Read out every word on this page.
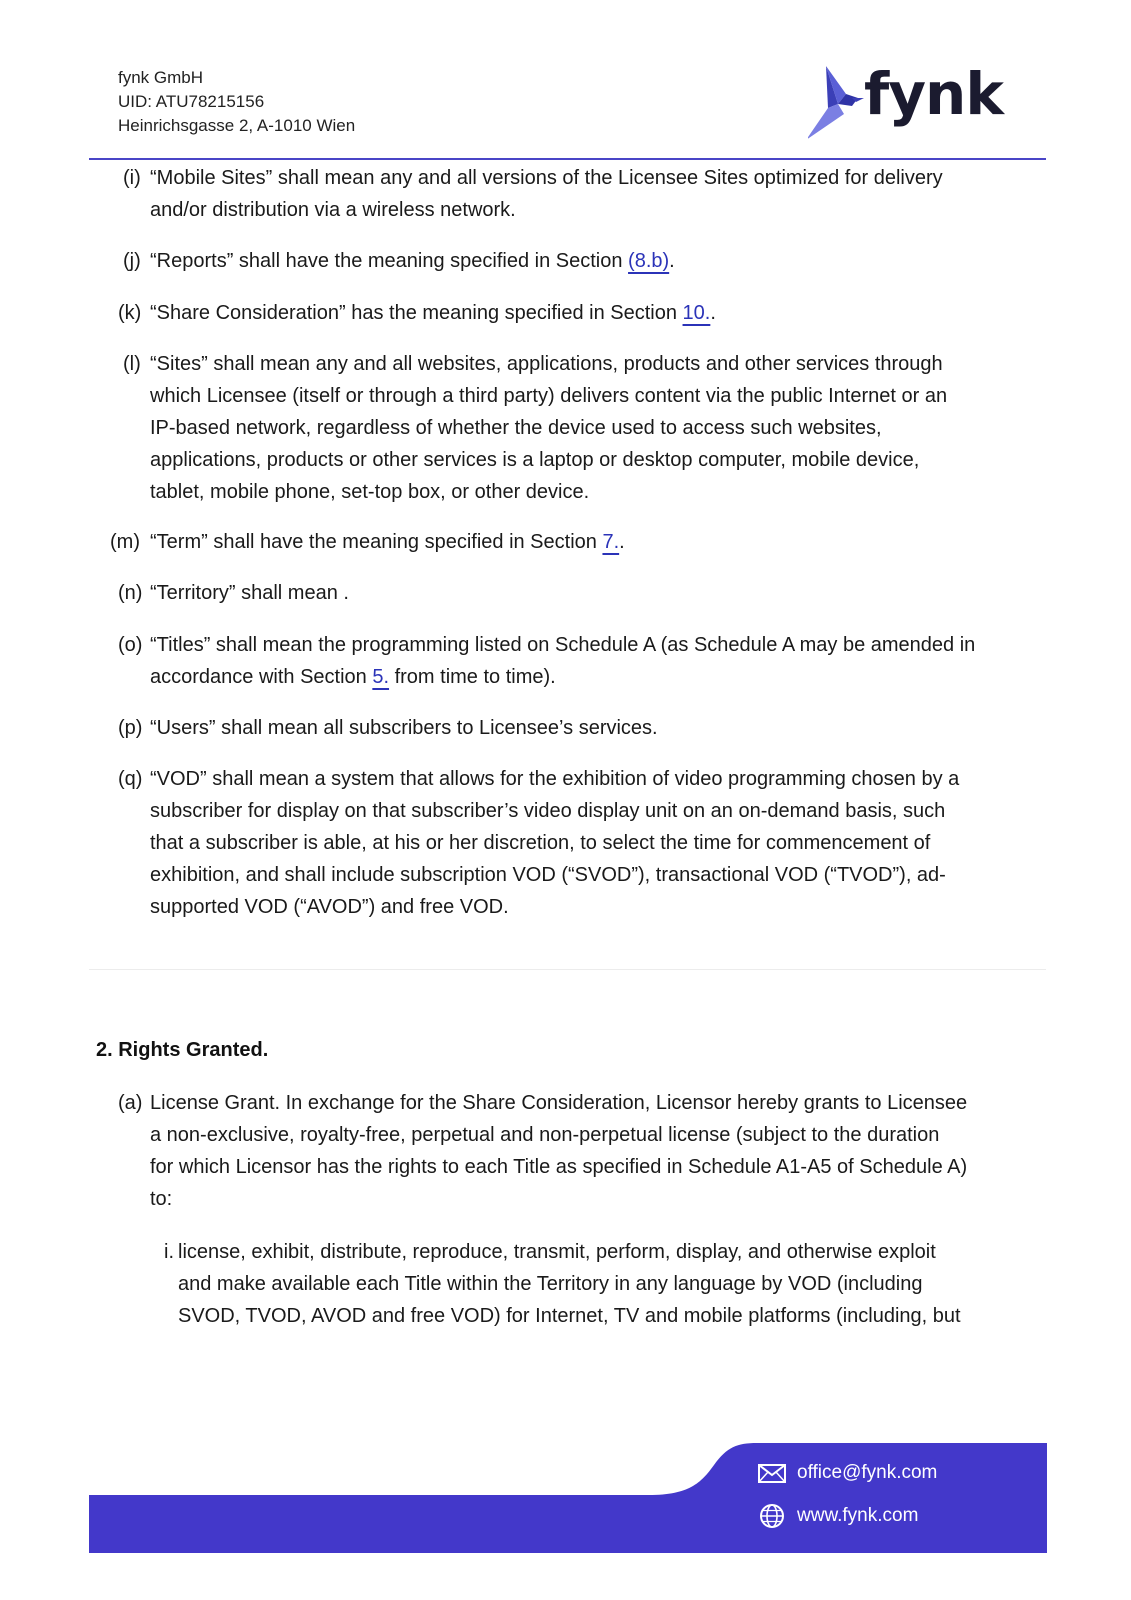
fynk GmbH
UID: ATU78215156
Heinrichsgasse 2, A-1010 Wien	fynk
(i) “Mobile Sites” shall mean any and all versions of the Licensee Sites optimized for delivery
and/or distribution via a wireless network.
(j) “Reports” shall have the meaning specified in Section (8.b).
(k) “Share Consideration” has the meaning specified in Section 10..
(l) “Sites” shall mean any and all websites, applications, products and other services through
which Licensee (itself or through a third party) delivers content via the public Internet or an
IP-based network, regardless of whether the device used to access such websites,
applications, products or other services is a laptop or desktop computer, mobile device,
tablet, mobile phone, set-top box, or other device.
(m) “Term” shall have the meaning specified in Section 7..
(n) “Territory” shall mean .
(o) “Titles” shall mean the programming listed on Schedule A (as Schedule A may be amended in
accordance with Section 5. from time to time).
(p) “Users” shall mean all subscribers to Licensee’s services.
(q) “VOD” shall mean a system that allows for the exhibition of video programming chosen by a
subscriber for display on that subscriber’s video display unit on an on-demand basis, such
that a subscriber is able, at his or her discretion, to select the time for commencement of
exhibition, and shall include subscription VOD (“SVOD”), transactional VOD (“TVOD”), ad-
supported VOD (“AVOD”) and free VOD.
2. Rights Granted.
(a) License Grant. In exchange for the Share Consideration, Licensor hereby grants to Licensee
a non-exclusive, royalty-free, perpetual and non-perpetual license (subject to the duration
for which Licensor has the rights to each Title as specified in Schedule A1-A5 of Schedule A)
to:
i. license, exhibit, distribute, reproduce, transmit, perform, display, and otherwise exploit
and make available each Title within the Territory in any language by VOD (including
SVOD, TVOD, AVOD and free VOD) for Internet, TV and mobile platforms (including, but
office@fynk.com
www.fynk.com
